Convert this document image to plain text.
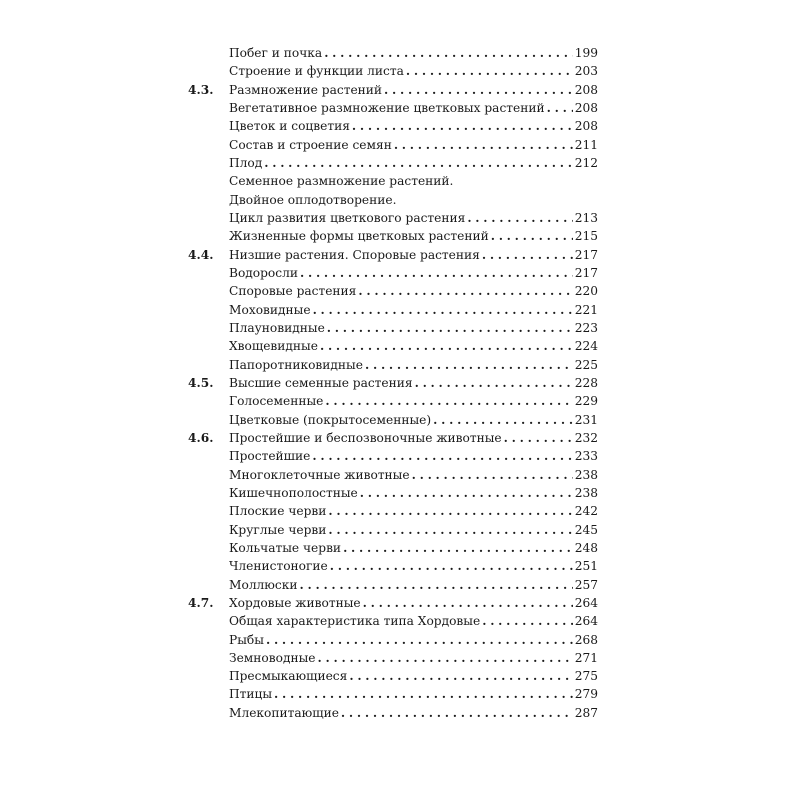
Побег и почка . . .	199
Строение и функции листа . . .	203
4.3.	Размножение растений . . .	208
Вегетативное размножение цветковых растений . . . 208
Цветок и соцветия . . .	208
Состав и строение семян . . .	211
Плод . . .	212
Семенное размножение растений.
Двойное оплодотворение.
Цикл развития цветкового растения . . .	213
Жизненные формы цветковых растений . . .	215
4.4.	Низшие растения. Споровые растения . . .	217
Водоросли . . .	217
Споровые растения . . .	220
Моховидные . . .	221
Плауновидные . . .	223
Хвощевидные . . .	224
Папоротниковидные . . .	225
4.5.	Высшие семенные растения . . .	228
Голосеменные . . .	229
Цветковые (покрытосеменные) . . .	231
4.6.	Простейшие и беспозвоночные животные . . .	232
Простейшие . . .	233
Многоклеточные животные . . .	238
Кишечнополостные . . .	238
Плоские черви . . .	242
Круглые черви . . .	245
Кольчатые черви . . .	248
Членистоногие . . .	251
Моллюски . . .	257
4.7.	Хордовые животные . . .	264
Общая характеристика типа Хордовые . . .	264
Рыбы . . .	268
Земноводные . . .	271
Пресмыкающиеся . . .	275
Птицы . . .	279
Млекопитающие . . .	287
